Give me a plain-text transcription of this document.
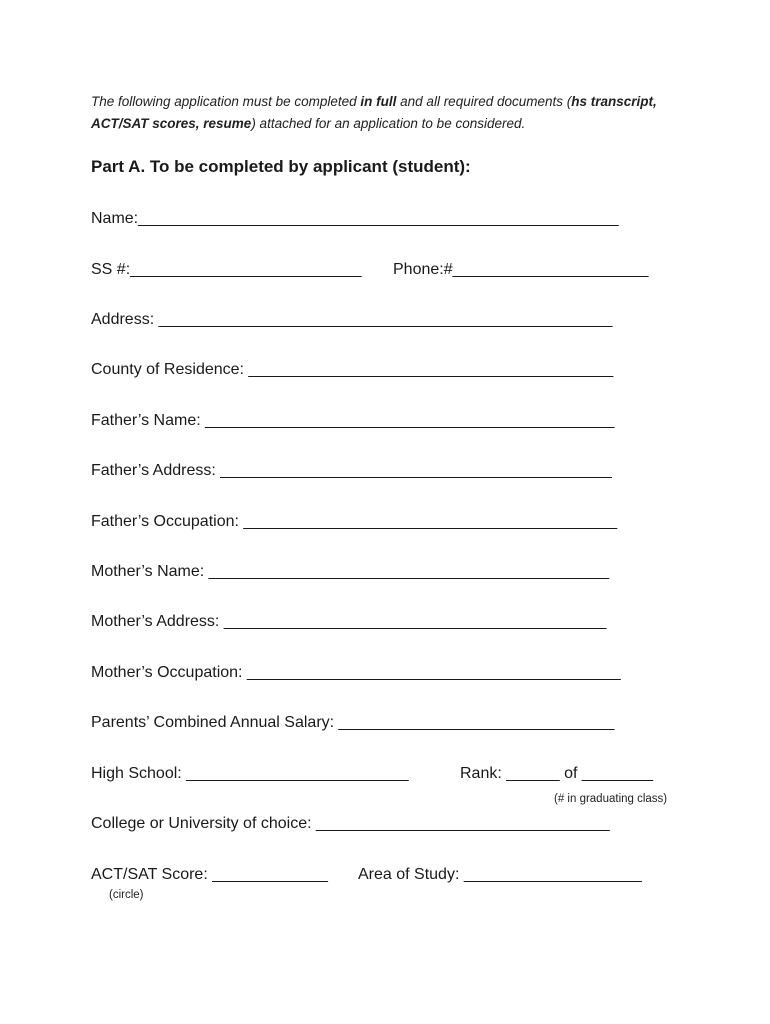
The following application must be completed in full and all required documents (hs transcript, ACT/SAT scores, resume) attached for an application to be considered.
Part A. To be completed by applicant (student):
Name:______________________________________________________
SS #:__________________________ Phone:#______________________
Address: ___________________________________________________
County of Residence: _________________________________________
Father’s Name: ______________________________________________
Father’s Address: ____________________________________________
Father’s Occupation: __________________________________________
Mother’s Name: _____________________________________________
Mother’s Address: ___________________________________________
Mother’s Occupation: __________________________________________
Parents’ Combined Annual Salary: _______________________________
High School: _________________________	Rank: ______ of ________
(# in graduating class)
College or University of choice: _________________________________
ACT/SAT Score: _____________ Area of Study: ____________________
(circle)
